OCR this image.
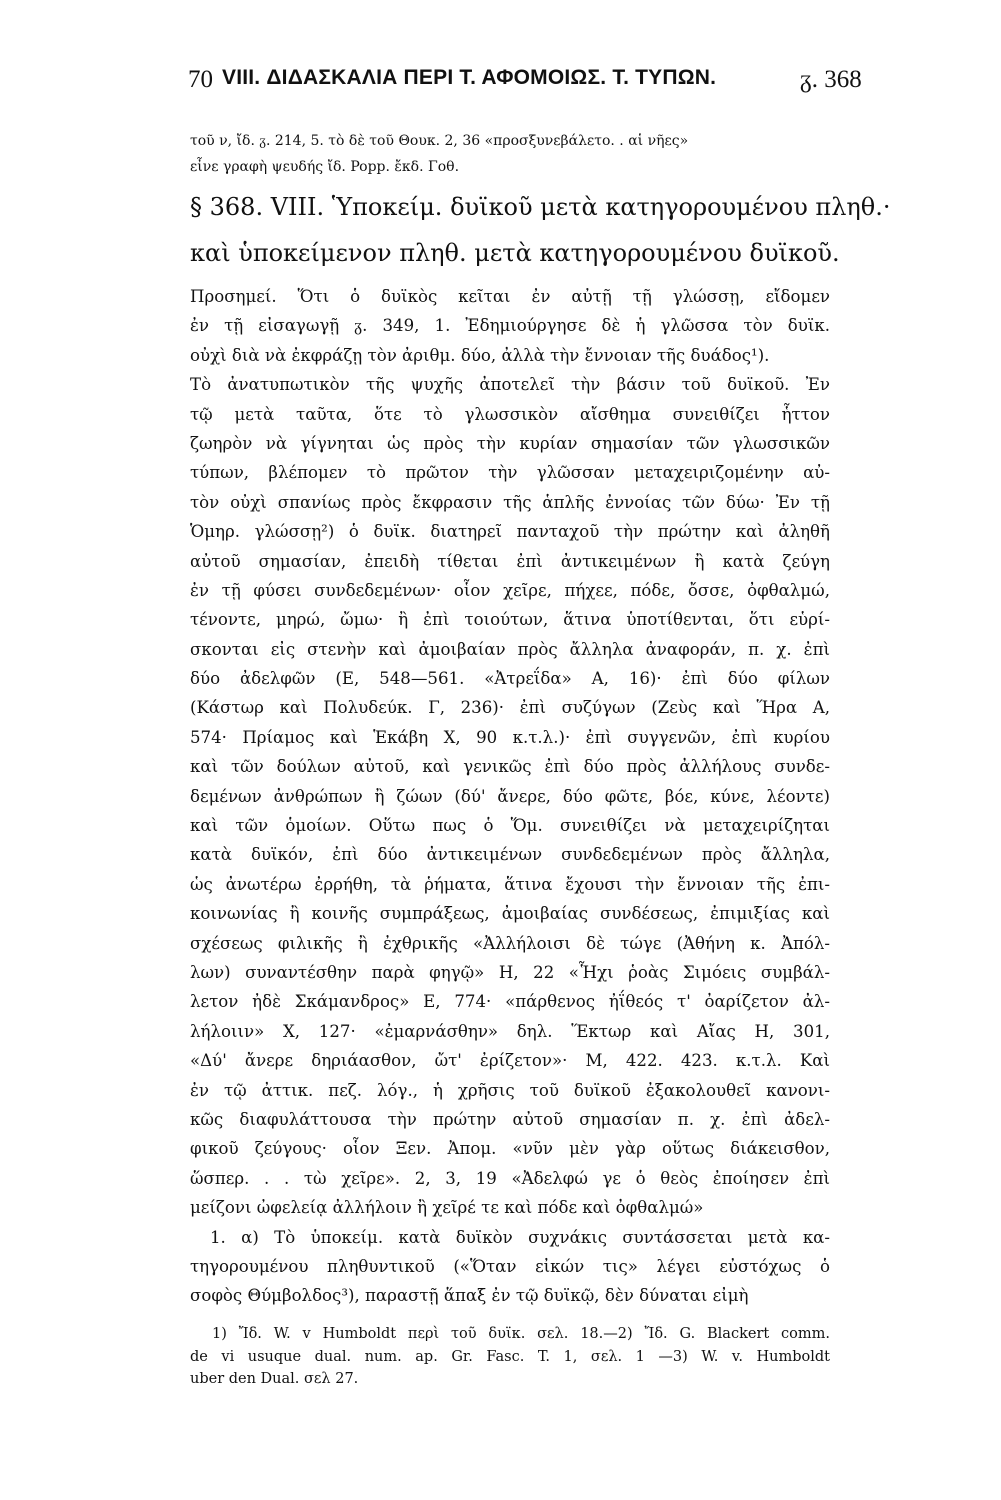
70 VIII. ΔΙΔΑΣΚΑΛΙΑ ΠΕΡΙ Τ. ΑΦΟΜΟΙΩΣ. Τ. ΤΥΠΩΝ.	ᵹ. 368
τοῦ ν, ἴδ. ᵹ. 214, 5. τὸ δὲ τοῦ Θουκ. 2, 36 «προσξυνεβάλετο. . αἱ νῆες»
εἶνε γραφὴ ψευδής ἴδ. Popp. ἔκδ. Γοθ.
§ 368. VIII. Ὑποκείμ. δυϊκοῦ μετὰ κατηγορουμένου πληθ.·
καὶ ὑποκείμενον πληθ. μετὰ κατηγορουμένου δυϊκοῦ.
Προσημεί. Ὅτι ὁ δυϊκὸς κεῖται ἐν αὐτῇ τῇ γλώσσῃ, εἴδομεν
ἐν τῇ εἰσαγωγῇ ᵹ. 349, 1. Ἐδημιούργησε δὲ ἡ γλῶσσα τὸν δυϊκ.
οὐχὶ διὰ νὰ ἐκφράζῃ τὸν ἀριθμ. δύο, ἀλλὰ τὴν ἔννοιαν τῆς δυάδος¹).
Τὸ ἀνατυπωτικὸν τῆς ψυχῆς ἀποτελεῖ τὴν βάσιν τοῦ δυϊκοῦ. Ἐν
τῷ μετὰ ταῦτα, ὅτε τὸ γλωσσικὸν αἴσθημα συνειθίζει ἧττον
ζωηρὸν νὰ γίγνηται ὡς πρὸς τὴν κυρίαν σημασίαν τῶν γλωσσικῶν
τύπων, βλέπομεν τὸ πρῶτον τὴν γλῶσσαν μεταχειριζομένην αὐ-
τὸν οὐχὶ σπανίως πρὸς ἔκφρασιν τῆς ἁπλῆς ἐννοίας τῶν δύω· Ἐν τῇ
Ὁμηρ. γλώσσῃ²) ὁ δυϊκ. διατηρεῖ πανταχοῦ τὴν πρώτην καὶ ἀληθῆ
αὐτοῦ σημασίαν, ἐπειδὴ τίθεται ἐπὶ ἀντικειμένων ἢ κατὰ ζεύγη
ἐν τῇ φύσει συνδεδεμένων· οἷον χεῖρε, πήχεε, πόδε, ὄσσε, ὀφθαλμώ,
τένοντε, μηρώ, ὤμω· ἢ ἐπὶ τοιούτων, ἅτινα ὑποτίθενται, ὅτι εὑρί-
σκονται εἰς στενὴν καὶ ἀμοιβαίαν πρὸς ἄλληλα ἀναφοράν, π. χ. ἐπὶ
δύο ἀδελφῶν (Ε, 548—561. «Ἀτρεΐδα» Α, 16)· ἐπὶ δύο φίλων
(Κάστωρ καὶ Πολυδεύκ. Γ, 236)· ἐπὶ συζύγων (Ζεὺς καὶ Ἥρα Α,
574· Πρίαμος καὶ Ἑκάβη Χ, 90 κ.τ.λ.)· ἐπὶ συγγενῶν, ἐπὶ κυρίου
καὶ τῶν δούλων αὐτοῦ, καὶ γενικῶς ἐπὶ δύο πρὸς ἀλλήλους συνδε-
δεμένων ἀνθρώπων ἢ ζώων (δύ' ἄνερε, δύο φῶτε, βόε, κύνε, λέοντε)
καὶ τῶν ὁμοίων. Οὕτω πως ὁ Ὅμ. συνειθίζει νὰ μεταχειρίζηται
κατὰ δυϊκόν, ἐπὶ δύο ἀντικειμένων συνδεδεμένων πρὸς ἄλληλα,
ὡς ἀνωτέρω ἐρρήθη, τὰ ῥήματα, ἅτινα ἔχουσι τὴν ἔννοιαν τῆς ἐπι-
κοινωνίας ἢ κοινῆς συμπράξεως, ἀμοιβαίας συνδέσεως, ἐπιμιξίας καὶ
σχέσεως φιλικῆς ἢ ἐχθρικῆς «Ἀλλήλοισι δὲ τώγε (Ἀθήνη κ. Ἀπόλ-
λων) συναντέσθην παρὰ φηγῷ» Η, 22 «Ἧχι ῥοὰς Σιμόεις συμβάλ-
λετον ἠδὲ Σκάμανδρος» Ε, 774· «πάρθενος ἠΐθεός τ' ὀαρίζετον ἀλ-
λήλοιιν» Χ, 127· «ἐμαρνάσθην» δηλ. Ἕκτωρ καὶ Αἴας Η, 301,
«Δύ' ἄνερε δηριάασθον, ὤτ' ἐρίζετον»· Μ, 422. 423. κ.τ.λ. Καὶ
ἐν τῷ ἀττικ. πεζ. λόγ., ἡ χρῆσις τοῦ δυϊκοῦ ἐξακολουθεῖ κανονι-
κῶς διαφυλάττουσα τὴν πρώτην αὐτοῦ σημασίαν π. χ. ἐπὶ ἀδελ-
φικοῦ ζεύγους· οἷον Ξεν. Ἀπομ. «νῦν μὲν γὰρ οὕτως διάκεισθον,
ὥσπερ. . . τὼ χεῖρε». 2, 3, 19 «Ἀδελφώ γε ὁ θεὸς ἐποίησεν ἐπὶ
μείζονι ὠφελείᾳ ἀλλήλοιν ἢ χεῖρέ τε καὶ πόδε καὶ ὀφθαλμώ»
1. α) Τὸ ὑποκείμ. κατὰ δυϊκὸν συχνάκις συντάσσεται μετὰ κα-
τηγορουμένου πληθυντικοῦ («Ὅταν εἰκών τις» λέγει εὐστόχως ὁ
σοφὸς Θύμβολδος³), παραστῇ ἅπαξ ἐν τῷ δυϊκῷ, δὲν δύναται εἰμὴ
1) Ἴδ. W. v Humboldt περὶ τοῦ δυϊκ. σελ. 18.—2) Ἴδ. G. Blackert comm.
de vi usuque dual. num. ap. Gr. Fasc. T. 1, σελ. 1 —3) W. v. Humboldt
uber den Dual. σελ 27.
